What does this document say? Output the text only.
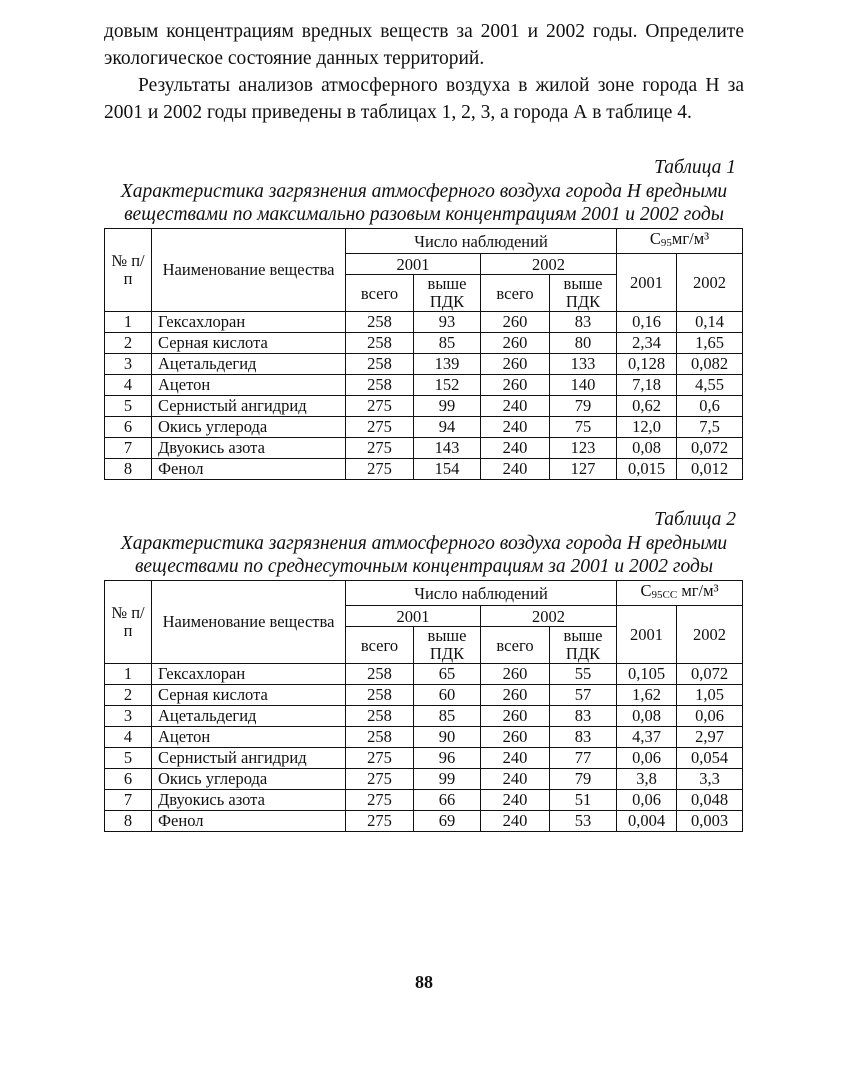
довым концентрациям вредных веществ за 2001 и 2002 годы. Определите экологическое состояние данных территорий.

Результаты анализов атмосферного воздуха в жилой зоне города Н за 2001 и 2002 годы приведены в таблицах 1, 2, 3, а города А в таблице 4.

Таблица 1

Характеристика загрязнения атмосферного воздуха города Н вредными веществами по максимально разовым концентрациям 2001 и 2002 годы

№ п/п	Наименование вещества	Число наблюдений				$С_{95}мг/м^3$	
		2001		2002		2001	2002
		всего	выше ПДК	всего	выше ПДК		
1	Гексахлоран	258	93	260	83	0,16	0,14
2	Серная кислота	258	85	260	80	2,34	1,65
3	Ацетальдегид	258	139	260	133	0,128	0,082
4	Ацетон	258	152	260	140	7,18	4,55
5	Сернистый ангидрид	275	99	240	79	0,62	0,6
6	Окись углерода	275	94	240	75	12,0	7,5
7	Двуокись азота	275	143	240	123	0,08	0,072
8	Фенол	275	154	240	127	0,015	0,012

Таблица 2

Характеристика загрязнения атмосферного воздуха города Н вредными веществами по среднесуточным концентрациям за 2001 и 2002 годы

№ п/п	Наименование вещества	Число наблюдений				$С_{95СС}$ мг/м³	
		2001		2002		2001	2002
		всего	выше ПДК	всего	выше ПДК		
1	Гексахлоран	258	65	260	55	0,105	0,072
2	Серная кислота	258	60	260	57	1,62	1,05
3	Ацетальдегид	258	85	260	83	0,08	0,06
4	Ацетон	258	90	260	83	4,37	2,97
5	Сернистый ангидрид	275	96	240	77	0,06	0,054
6	Окись углерода	275	99	240	79	3,8	3,3
7	Двуокись азота	275	66	240	51	0,06	0,048
8	Фенол	275	69	240	53	0,004	0,003
88
